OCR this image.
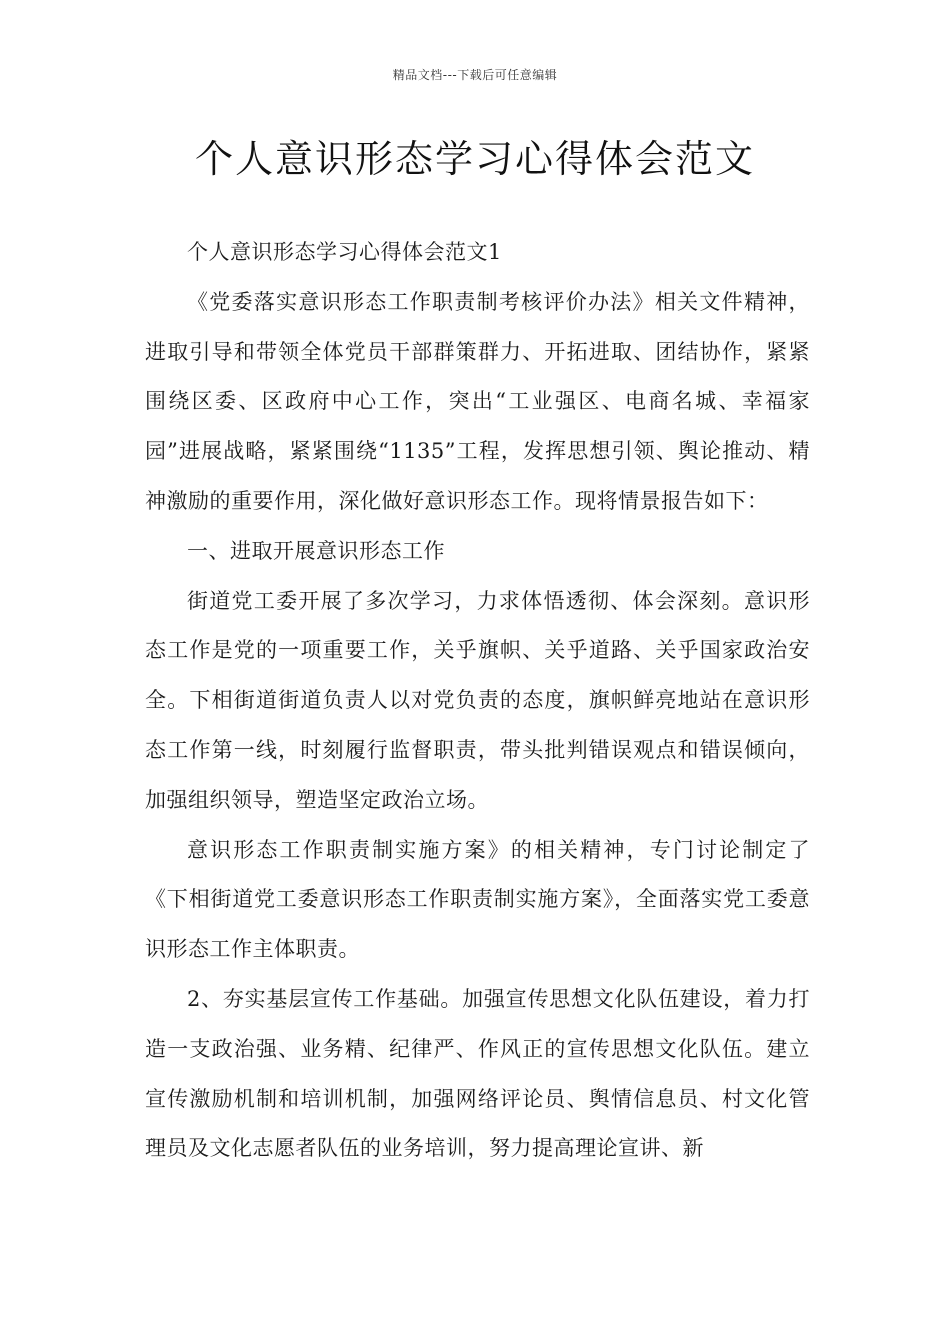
精品文档---下载后可任意编辑
个人意识形态学习心得体会范文

个人意识形态学习心得体会范文1

《党委落实意识形态工作职责制考核评价办法》相关文件精神，进取引导和带领全体党员干部群策群力、开拓进取、团结协作，紧紧围绕区委、区政府中心工作，突出“工业强区、电商名城、幸福家园”进展战略，紧紧围绕“1135”工程，发挥思想引领、舆论推动、精神激励的重要作用，深化做好意识形态工作。现将情景报告如下：

一、进取开展意识形态工作

街道党工委开展了多次学习，力求体悟透彻、体会深刻。意识形态工作是党的一项重要工作，关乎旗帜、关乎道路、关乎国家政治安全。下相街道街道负责人以对党负责的态度，旗帜鲜亮地站在意识形态工作第一线，时刻履行监督职责，带头批判错误观点和错误倾向，加强组织领导，塑造坚定政治立场。

意识形态工作职责制实施方案》的相关精神，专门讨论制定了《下相街道党工委意识形态工作职责制实施方案》，全面落实党工委意识形态工作主体职责。

2、夯实基层宣传工作基础。加强宣传思想文化队伍建设，着力打造一支政治强、业务精、纪律严、作风正的宣传思想文化队伍。建立宣传激励机制和培训机制，加强网络评论员、舆情信息员、村文化管理员及文化志愿者队伍的业务培训，努力提高理论宣讲、新
